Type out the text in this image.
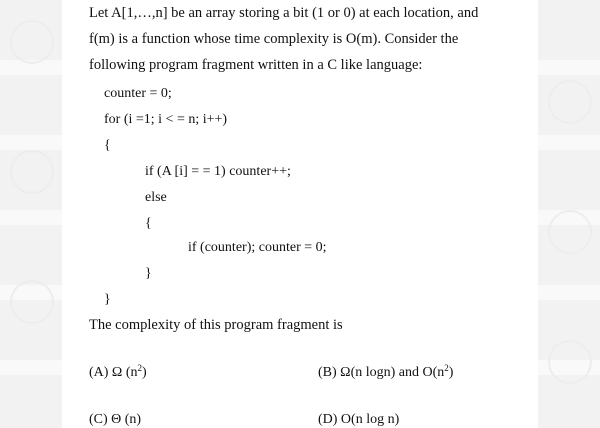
Let A[1,…,n] be an array storing a bit (1 or 0) at each location, and
f(m) is a function whose time complexity is O(m). Consider the
following program fragment written in a C like language:
counter = 0;
for (i =1; i < = n; i++)
{
if (A [i] = = 1) counter++;
else
{
if (counter); counter = 0;
}
}
The complexity of this program fragment is
(A) Ω $(n^2)$	(B) Ω(n logn) and $O(n^2)$
(C) Θ (n)	(D) O(n log n)
